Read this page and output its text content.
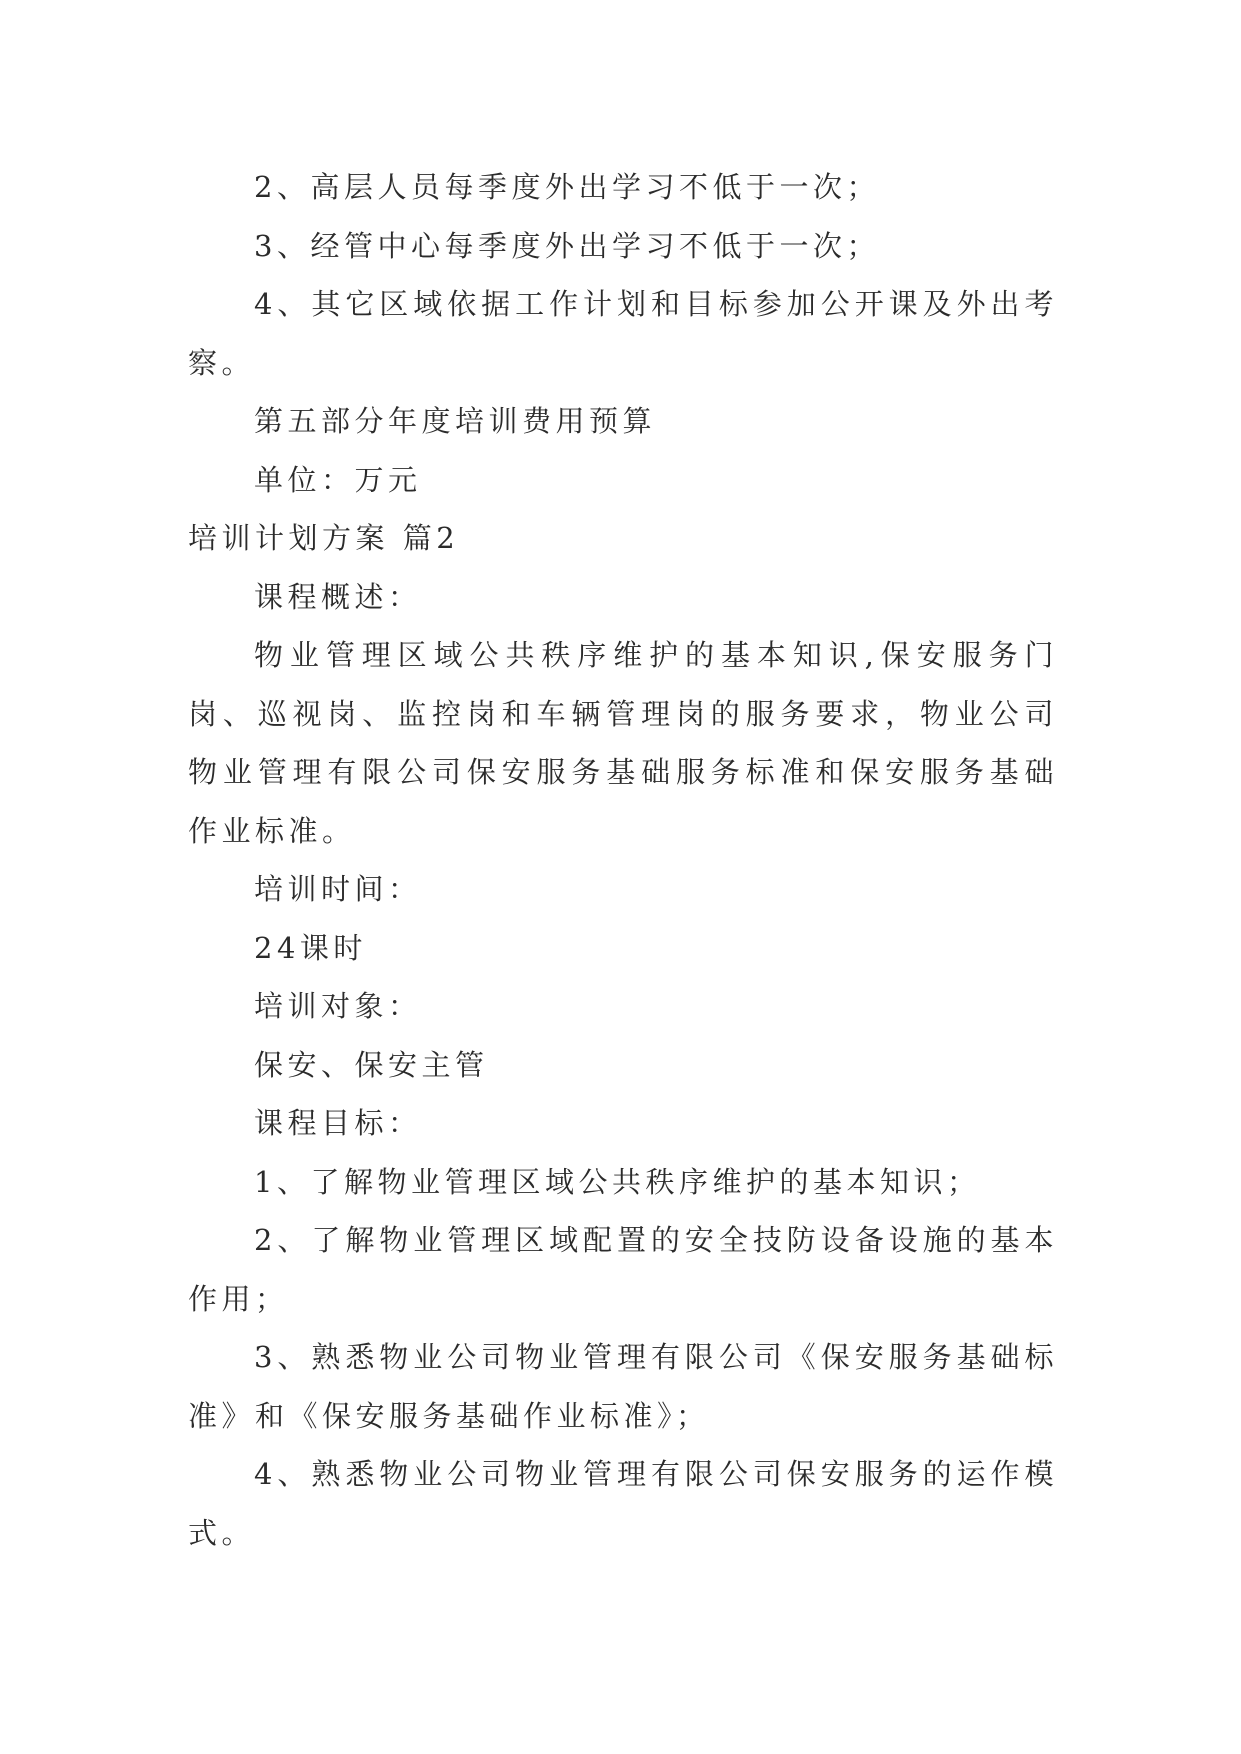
2、高层人员每季度外出学习不低于一次；

3、经管中心每季度外出学习不低于一次；

4、其它区域依据工作计划和目标参加公开课及外出考察。

第五部分年度培训费用预算

单位：万元

培训计划方案 篇2

课程概述：

物业管理区域公共秩序维护的基本知识,保安服务门岗、巡视岗、监控岗和车辆管理岗的服务要求，物业公司物业管理有限公司保安服务基础服务标准和保安服务基础作业标准。

培训时间：

24课时

培训对象：

保安、保安主管

课程目标：

1、了解物业管理区域公共秩序维护的基本知识；

2、了解物业管理区域配置的安全技防设备设施的基本作用；

3、熟悉物业公司物业管理有限公司《保安服务基础标准》和《保安服务基础作业标准》；

4、熟悉物业公司物业管理有限公司保安服务的运作模式。
